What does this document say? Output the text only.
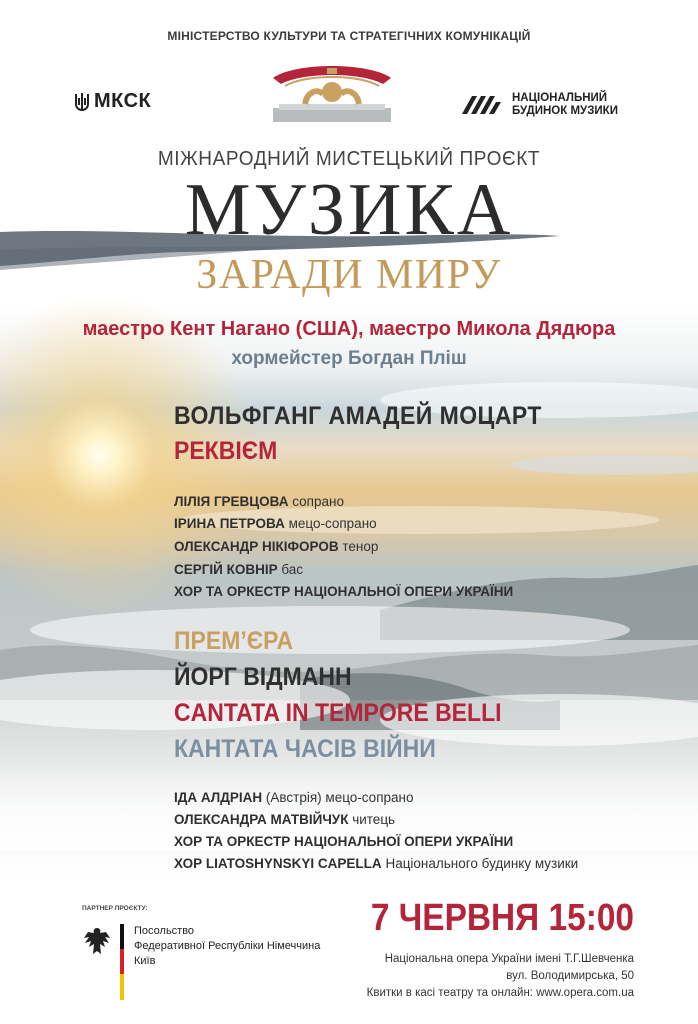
МІНІСТЕРСТВО КУЛЬТУРИ ТА СТРАТЕГІЧНИХ КОМУНІКАЦІЙ
МКСК	НАЦІОНАЛЬНИЙ
БУДИНОК МУЗИКИ
МІЖНАРОДНИЙ МИСТЕЦЬКИЙ ПРОЄКТ
МУЗИКА
ЗАРАДИ МИРУ
маестро Кент Нагано (США), маестро Микола Дядюра
хормейстер Богдан Пліш
ВОЛЬФГАНГ АМАДЕЙ МОЦАРТ
РЕКВІЄМ
ЛІЛІЯ ГРЕВЦОВА сопрано
ІРИНА ПЕТРОВА мецо-сопрано
ОЛЕКСАНДР НІКІФОРОВ тенор
СЕРГІЙ КОВНІР бас
ХОР ТА ОРКЕСТР НАЦІОНАЛЬНОЇ ОПЕРИ УКРАЇНИ
ПРЕМ’ЄРА
ЙОРГ ВІДМАНН
CANTATA IN TEMPORE BELLI
КАНТАТА ЧАСІВ ВІЙНИ
ІДА АЛДРІАН (Австрія) мецо-сопрано
ОЛЕКСАНДРА МАТВІЙЧУК читець
ХОР ТА ОРКЕСТР НАЦІОНАЛЬНОЇ ОПЕРИ УКРАЇНИ
ХОР LIATOSHYNSKYI CAPELLA Національного будинку музики
ПАРТНЕР ПРОЄКТУ:
Посольство
Федеративної Республіки Німеччина
Київ
7 ЧЕРВНЯ 15:00
Національна опера України імені Т.Г.Шевченка
вул. Володимирська, 50
Квитки в касі театру та онлайн: www.opera.com.ua
